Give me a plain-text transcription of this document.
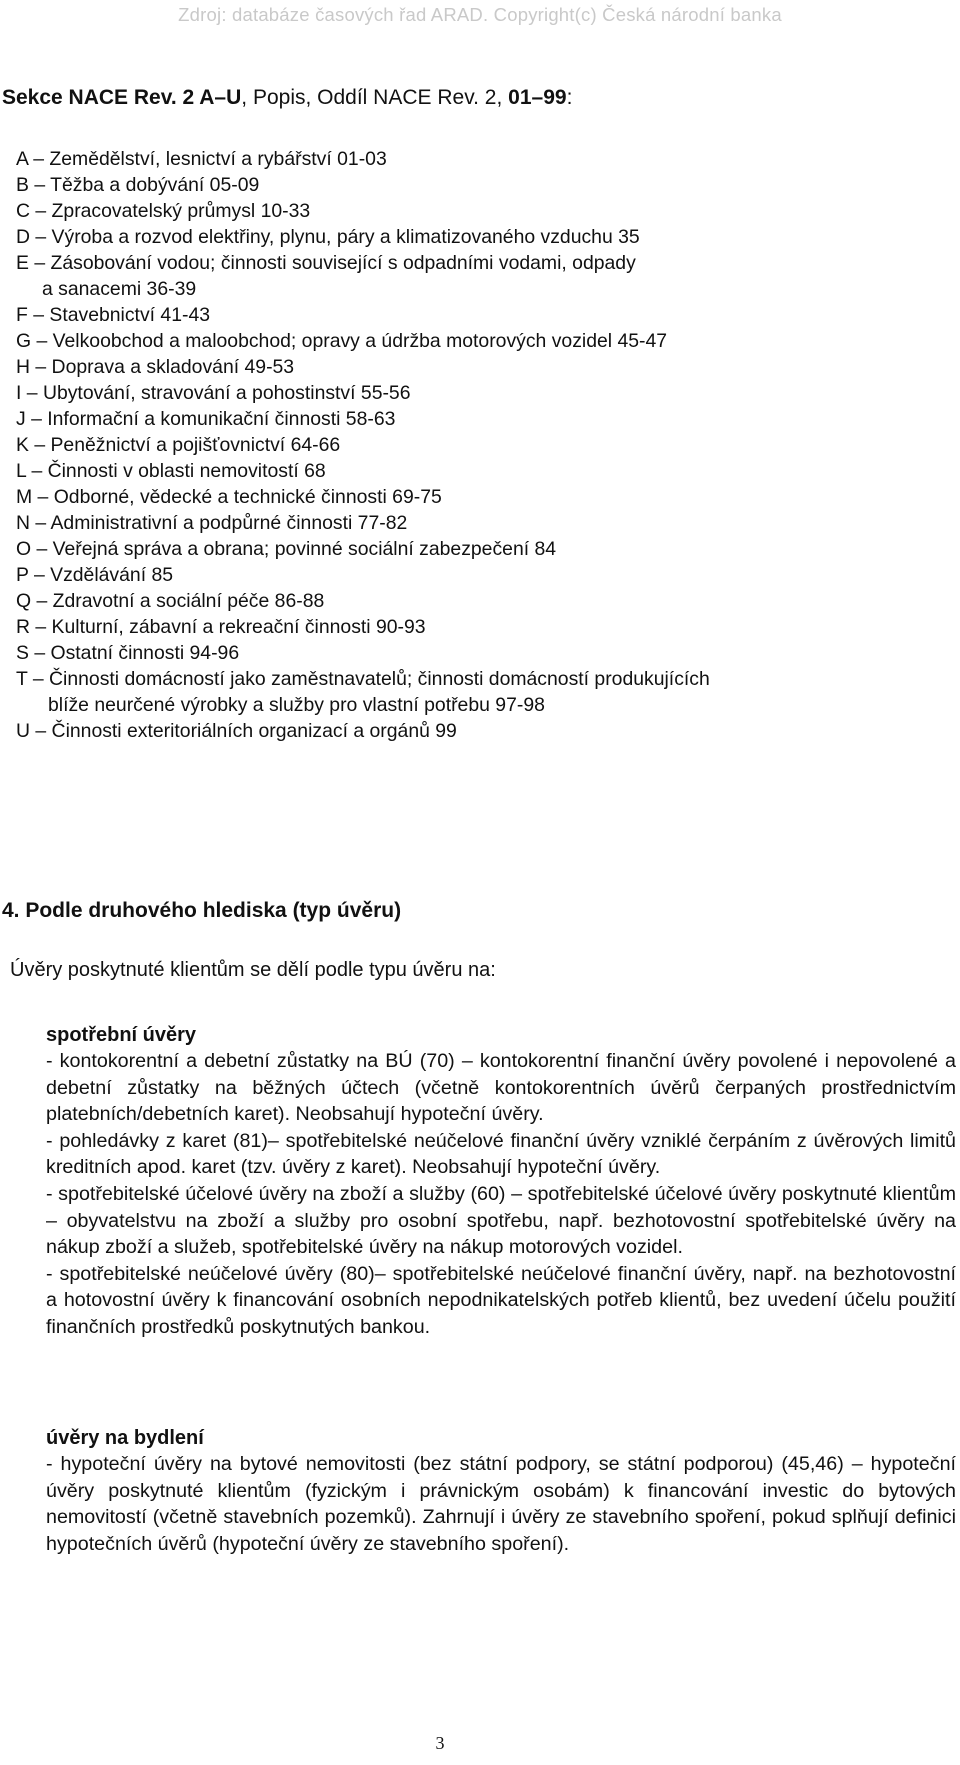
Zdroj: databáze časových řad ARAD. Copyright(c) Česká národní banka
Sekce NACE Rev. 2 A–U, Popis, Oddíl NACE Rev. 2, 01–99:
A – Zemědělství, lesnictví a rybářství 01-03
B – Těžba a dobývání 05-09
C – Zpracovatelský průmysl 10-33
D – Výroba a rozvod elektřiny, plynu, páry a klimatizovaného vzduchu 35
E – Zásobování vodou; činnosti související s odpadními vodami, odpady
a sanacemi 36-39
F – Stavebnictví 41-43
G – Velkoobchod a maloobchod; opravy a údržba motorových vozidel 45-47
H – Doprava a skladování 49-53
I – Ubytování, stravování a pohostinství 55-56
J – Informační a komunikační činnosti 58-63
K – Peněžnictví a pojišťovnictví 64-66
L – Činnosti v oblasti nemovitostí 68
M – Odborné, vědecké a technické činnosti 69-75
N – Administrativní a podpůrné činnosti 77-82
O – Veřejná správa a obrana; povinné sociální zabezpečení 84
P – Vzdělávání 85
Q – Zdravotní a sociální péče 86-88
R – Kulturní, zábavní a rekreační činnosti 90-93
S – Ostatní činnosti 94-96
T – Činnosti domácností jako zaměstnavatelů; činnosti domácností produkujících
blíže neurčené výrobky a služby pro vlastní potřebu 97-98
U – Činnosti exteritoriálních organizací a orgánů 99
4. Podle druhového hlediska (typ úvěru)
Úvěry poskytnuté klientům se dělí podle typu úvěru na:
spotřební úvěry

- kontokorentní a debetní zůstatky na BÚ (70) – kontokorentní finanční úvěry povolené i nepovolené a debetní zůstatky na běžných účtech (včetně kontokorentních úvěrů čerpaných prostřednictvím platebních/debetních karet). Neobsahují hypoteční úvěry.

- pohledávky z karet (81)– spotřebitelské neúčelové finanční úvěry vzniklé čerpáním z úvěrových limitů kreditních apod. karet (tzv. úvěry z karet). Neobsahují hypoteční úvěry.

- spotřebitelské účelové úvěry na zboží a služby (60) – spotřebitelské účelové úvěry poskytnuté klientům – obyvatelstvu na zboží a služby pro osobní spotřebu, např. bezhotovostní spotřebitelské úvěry na nákup zboží a služeb, spotřebitelské úvěry na nákup motorových vozidel.

- spotřebitelské neúčelové úvěry (80)– spotřebitelské neúčelové finanční úvěry, např. na bezhotovostní a hotovostní úvěry k financování osobních nepodnikatelských potřeb klientů, bez uvedení účelu použití finančních prostředků poskytnutých bankou.

úvěry na bydlení

- hypoteční úvěry na bytové nemovitosti (bez státní podpory, se státní podporou) (45,46) – hypoteční úvěry poskytnuté klientům (fyzickým i právnickým osobám) k financování investic do bytových nemovitostí (včetně stavebních pozemků). Zahrnují i úvěry ze stavebního spoření, pokud splňují definici hypotečních úvěrů (hypoteční úvěry ze stavebního spoření).

3
